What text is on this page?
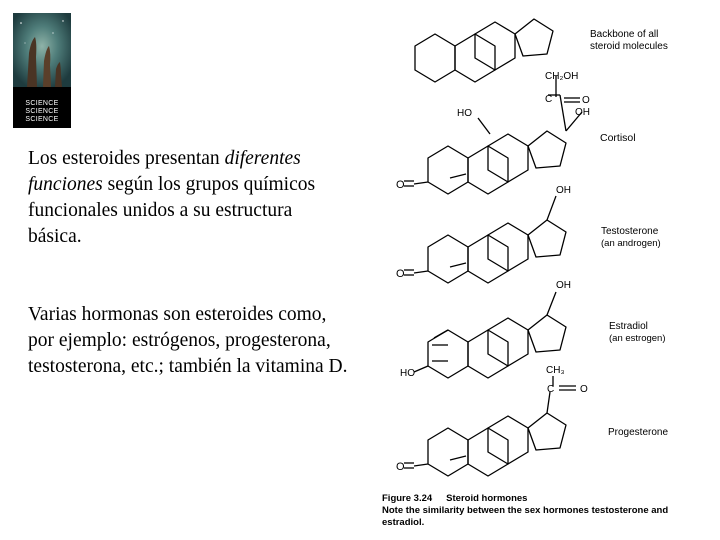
SCIENCE
SCIENCE
SCIENCE

Los esteroides presentan diferentes funciones según los grupos químicos funcionales unidos a su estructura básica.

Varias hormonas son esteroides como, por ejemplo: estrógenos, progesterona, testosterona, etc.; también la vitamina D.

Backbone of all
steroid molecules
O
HO
CH₂OH
C	O
OH
Cortisol
O
OH
Testosterone
(an androgen)
HO
OH
Estradiol
(an estrogen)
O
CH₃
C	O
Progesterone
Figure 3.24 Steroid hormones
Note the similarity between the sex hormones testosterone and estradiol.
